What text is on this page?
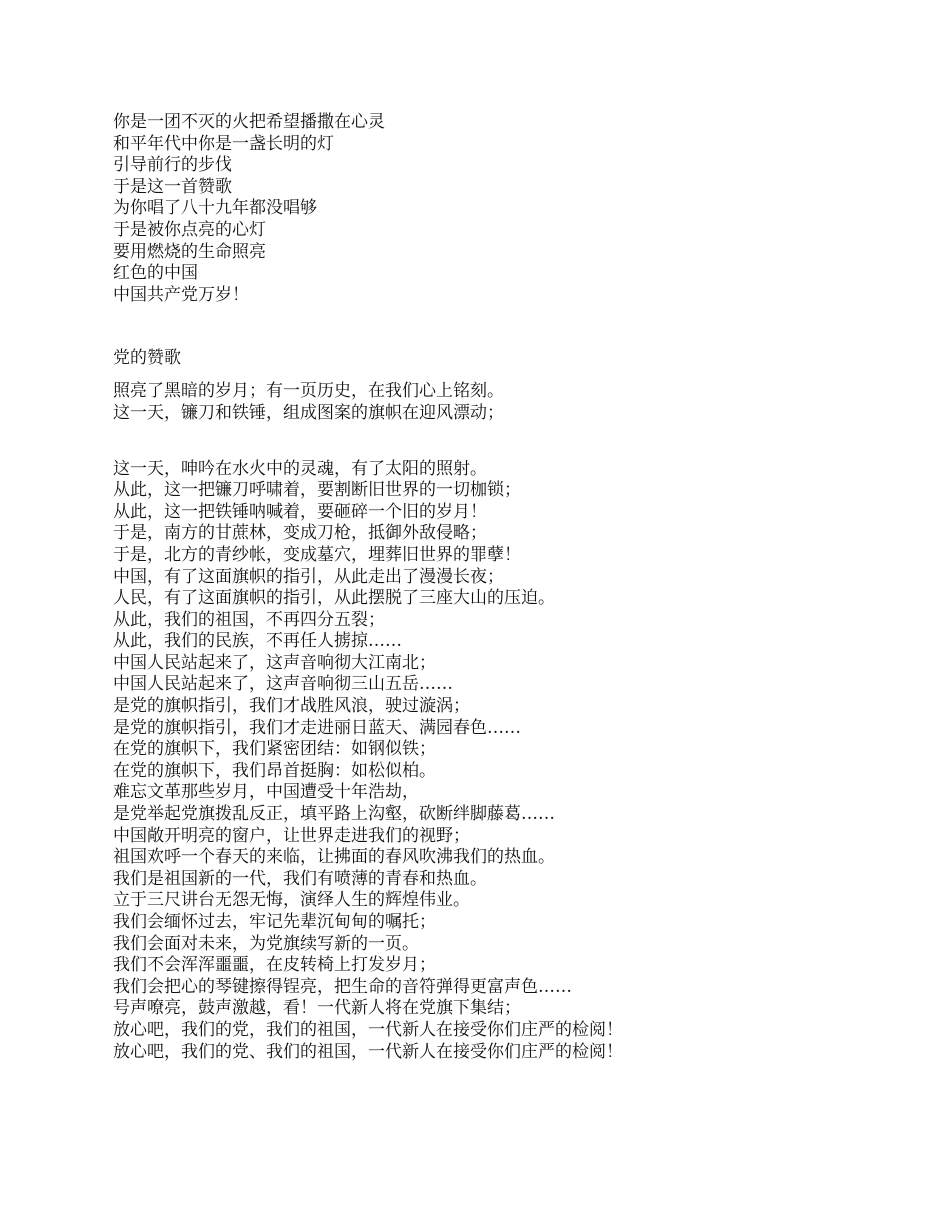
你是一团不灭的火把希望播撒在心灵
和平年代中你是一盏长明的灯
引导前行的步伐
于是这一首赞歌
为你唱了八十九年都没唱够
于是被你点亮的心灯
要用燃烧的生命照亮
红色的中国
中国共产党万岁！
党的赞歌
照亮了黑暗的岁月；有一页历史，在我们心上铭刻。
这一天，镰刀和铁锤，组成图案的旗帜在迎风漂动；
这一天，呻吟在水火中的灵魂，有了太阳的照射。
从此，这一把镰刀呼啸着，要割断旧世界的一切枷锁；
从此，这一把铁锤呐喊着，要砸碎一个旧的岁月！
于是，南方的甘蔗林，变成刀枪，抵御外敌侵略；
于是，北方的青纱帐，变成墓穴，埋葬旧世界的罪孽！
中国，有了这面旗帜的指引，从此走出了漫漫长夜；
人民，有了这面旗帜的指引，从此摆脱了三座大山的压迫。
从此，我们的祖国，不再四分五裂；
从此，我们的民族，不再任人掳掠……
中国人民站起来了，这声音响彻大江南北；
中国人民站起来了，这声音响彻三山五岳……
是党的旗帜指引，我们才战胜风浪，驶过漩涡；
是党的旗帜指引，我们才走进丽日蓝天、满园春色……
在党的旗帜下，我们紧密团结：如钢似铁；
在党的旗帜下，我们昂首挺胸：如松似柏。
难忘文革那些岁月，中国遭受十年浩劫，
是党举起党旗拨乱反正，填平路上沟壑，砍断绊脚藤葛……
中国敞开明亮的窗户，让世界走进我们的视野；
祖国欢呼一个春天的来临，让拂面的春风吹沸我们的热血。
我们是祖国新的一代，我们有喷薄的青春和热血。
立于三尺讲台无怨无悔，演绎人生的辉煌伟业。
我们会缅怀过去，牢记先辈沉甸甸的嘱托；
我们会面对未来，为党旗续写新的一页。
我们不会浑浑噩噩，在皮转椅上打发岁月；
我们会把心的琴键擦得锃亮，把生命的音符弹得更富声色……
号声嘹亮，鼓声激越，看！一代新人将在党旗下集结；
放心吧，我们的党，我们的祖国，一代新人在接受你们庄严的检阅！
放心吧，我们的党、我们的祖国，一代新人在接受你们庄严的检阅！
